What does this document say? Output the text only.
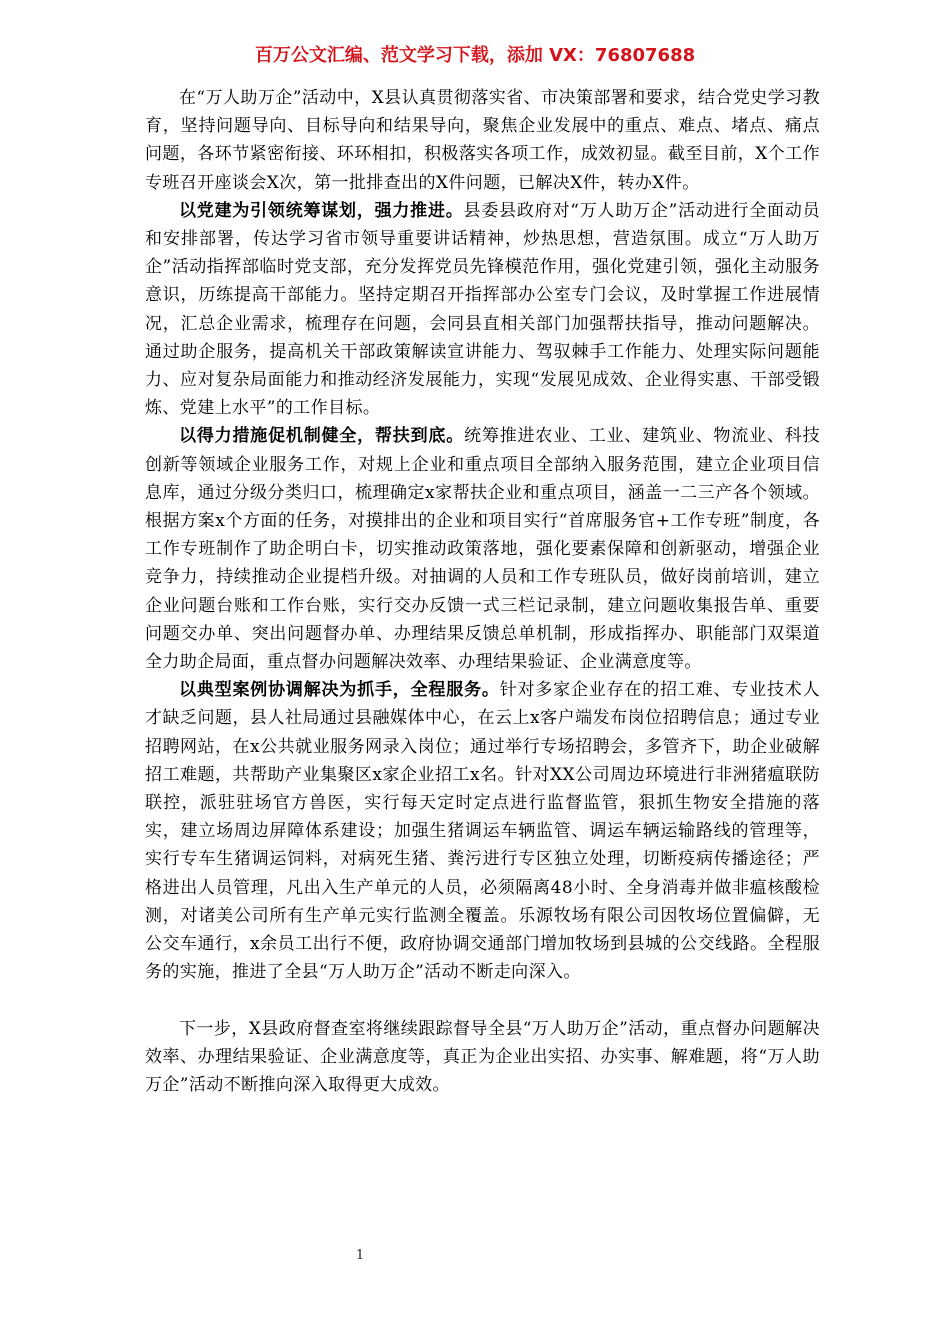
百万公文汇编、范文学习下载，添加 VX：76807688

在“万人助万企”活动中，X县认真贯彻落实省、市决策部署和要求，结合党史学习教育，坚持问题导向、目标导向和结果导向，聚焦企业发展中的重点、难点、堵点、痛点问题，各环节紧密衔接、环环相扣，积极落实各项工作，成效初显。截至目前，X个工作专班召开座谈会X次，第一批排查出的X件问题，已解决X件，转办X件。

以党建为引领统筹谋划，强力推进。县委县政府对“万人助万企”活动进行全面动员和安排部署，传达学习省市领导重要讲话精神，炒热思想，营造氛围。成立“万人助万企”活动指挥部临时党支部，充分发挥党员先锋模范作用，强化党建引领，强化主动服务意识，历练提高干部能力。坚持定期召开指挥部办公室专门会议，及时掌握工作进展情况，汇总企业需求，梳理存在问题，会同县直相关部门加强帮扶指导，推动问题解决。通过助企服务，提高机关干部政策解读宣讲能力、驾驭棘手工作能力、处理实际问题能力、应对复杂局面能力和推动经济发展能力，实现“发展见成效、企业得实惠、干部受锻炼、党建上水平”的工作目标。

以得力措施促机制健全，帮扶到底。统筹推进农业、工业、建筑业、物流业、科技创新等领域企业服务工作，对规上企业和重点项目全部纳入服务范围，建立企业项目信息库，通过分级分类归口，梳理确定x家帮扶企业和重点项目，涵盖一二三产各个领域。根据方案x个方面的任务，对摸排出的企业和项目实行“首席服务官+工作专班”制度，各工作专班制作了助企明白卡，切实推动政策落地，强化要素保障和创新驱动，增强企业竞争力，持续推动企业提档升级。对抽调的人员和工作专班队员，做好岗前培训，建立企业问题台账和工作台账，实行交办反馈一式三栏记录制，建立问题收集报告单、重要问题交办单、突出问题督办单、办理结果反馈总单机制，形成指挥办、职能部门双渠道全力助企局面，重点督办问题解决效率、办理结果验证、企业满意度等。

以典型案例协调解决为抓手，全程服务。针对多家企业存在的招工难、专业技术人才缺乏问题，县人社局通过县融媒体中心，在云上x客户端发布岗位招聘信息；通过专业招聘网站，在x公共就业服务网录入岗位；通过举行专场招聘会，多管齐下，助企业破解招工难题，共帮助产业集聚区x家企业招工x名。针对XX公司周边环境进行非洲猪瘟联防联控，派驻驻场官方兽医，实行每天定时定点进行监督监管，狠抓生物安全措施的落实，建立场周边屏障体系建设；加强生猪调运车辆监管、调运车辆运输路线的管理等，实行专车生猪调运饲料，对病死生猪、粪污进行专区独立处理，切断疫病传播途径；严格进出人员管理，凡出入生产单元的人员，必须隔离48小时、全身消毒并做非瘟核酸检测，对诸美公司所有生产单元实行监测全覆盖。乐源牧场有限公司因牧场位置偏僻，无公交车通行，x余员工出行不便，政府协调交通部门增加牧场到县城的公交线路。全程服务的实施，推进了全县“万人助万企”活动不断走向深入。

下一步，X县政府督查室将继续跟踪督导全县“万人助万企”活动，重点督办问题解决效率、办理结果验证、企业满意度等，真正为企业出实招、办实事、解难题，将“万人助万企”活动不断推向深入取得更大成效。

1
